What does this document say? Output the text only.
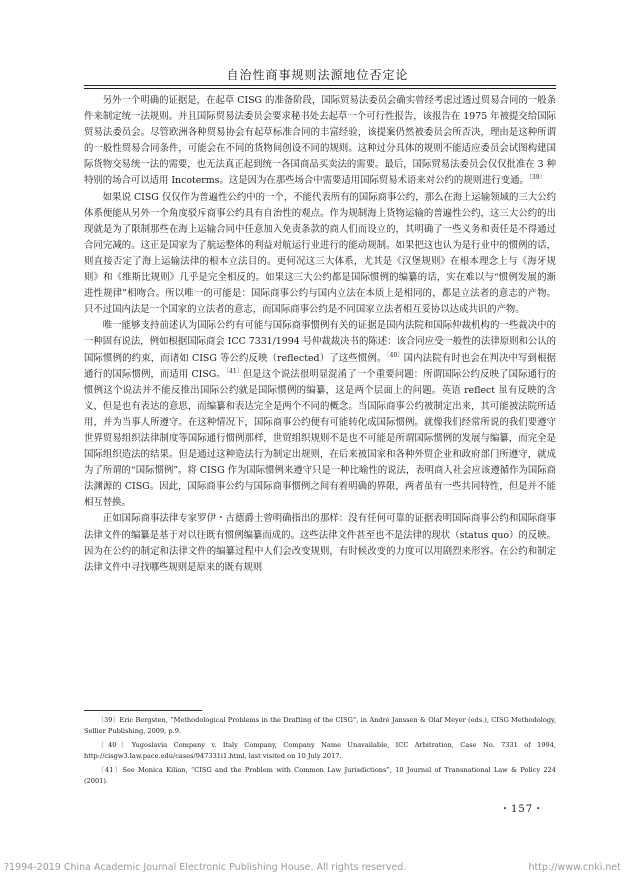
自治性商事规则法源地位否定论

另外一个明确的证据是，在起草 CISG 的准备阶段，国际贸易法委员会确实曾经考虑过透过贸易合同的一般条件来制定统一法规则。并且国际贸易法委员会要求秘书处去起草一个可行性报告，该报告在 1975 年被提交给国际贸易法委员会。尽管欧洲各种贸易协会有起草标准合同的丰富经验，该提案仍然被委员会所否决，理由是这种所谓的一般性贸易合同条件，可能会在不同的货物间创设不同的规则。这种过分具体的规则不能适应委员会试图构建国际货物交易统一法的需要，也无法真正起到统一各国商品买卖法的需要。最后，国际贸易法委员会仅仅批准在 3 种特别的场合可以适用 Incoterms。这是因为在那些场合中需要适用国际贸易术语来对公约的规则进行变通。$^{〔39〕}$

如果说 CISG 仅仅作为普遍性公约中的一个，不能代表所有的国际商事公约，那么在海上运输领域的三大公约体系便能从另外一个角度驳斥商事公约具有自治性的观点。作为规制海上货物运输的普遍性公约，这三大公约的出现就是为了限制那些在海上运输合同中任意加入免责条款的商人们而设立的，其明确了一些义务和责任是不得通过合同完减的。这正是国家为了航运整体的利益对航运行业进行的能动规制。如果把这也认为是行业中的惯例的话，则直接否定了海上运输法律的根本立法目的。更何况这三大体系，尤其是《汉堡规则》在根本理念上与《海牙规则》和《维斯比规则》几乎是完全相反的。如果这三大公约都是国际惯例的编纂的话，实在难以与“惯例发展的渐进性规律”相吻合。所以唯一的可能是：国际商事公约与国内立法在本质上是相同的，都是立法者的意志的产物。只不过国内法是一个国家的立法者的意志，而国际商事公约是不同国家立法者相互妥协以达成共识的产物。

唯一能够支持前述认为国际公约有可能与国际商事惯例有关的证据是国内法院和国际仲裁机构的一些裁决中的一种固有说法，例如根据国际商会 ICC 7331/1994 号仲裁裁决书的陈述：该合同应受一般性的法律原则和公认的国际惯例的约束，而诸如 CISG 等公约反映（reflected）了这些惯例。$^{〔40〕}$国内法院有时也会在判决中写到根据通行的国际惯例，而适用 CISG。$^{〔41〕}$但是这个说法很明显混淆了一个重要问题：所谓国际公约反映了国际通行的惯例这个说法并不能反推出国际公约就是国际惯例的编纂，这是两个层面上的问题。英语 reflect 虽有反映的含义，但是也有表达的意思，而编纂和表达完全是两个不同的概念。当国际商事公约被制定出来，其可能被法院所适用，并为当事人所遵守。在这种情况下，国际商事公约便有可能转化成国际惯例。就像我们经常所说的我们要遵守世界贸易组织法律制度等国际通行惯例那样，世贸组织规则不是也不可能是所谓国际惯例的发展与编纂，而完全是国际组织造法的结果。但是通过这种造法行为制定出规则，在后来被国家和各种外贸企业和政府部门所遵守，就成为了所谓的“国际惯例”。将 CISG 作为国际惯例来遵守只是一种比喻性的说法，表明商人社会应该遵循作为国际商法渊源的 CISG。因此，国际商事公约与国际商事惯例之间有着明确的界限，两者虽有一些共同特性，但是并不能相互替换。

正如国际商事法律专家罗伊・古德爵士曾明确指出的那样：没有任何可靠的证据表明国际商事公约和国际商事法律文件的编纂是基于对以往既有惯例编纂而成的。这些法律文件甚至也不是法律的现状（status quo）的反映。因为在公约的制定和法律文件的编纂过程中人们会改变规则，有时候改变的力度可以用剧烈来形容。在公约和制定法律文件中寻找哪些规则是原来的既有规则

〔39〕Eric Bergsten, “Methodological Problems in the Drafting of the CISG”, in André Janssen & Olaf Meyer (eds.), CISG Methodology, Sellier Publishing, 2009, p.9.

〔40〕Yugoslavia Company v. Italy Company, Company Name Unavailable, ICC Arbitration, Case No. 7331 of 1994, http://cisgw3.law.pace.edu/cases/947331i1.html, last visited on 10 July 2017.

〔41〕See Monica Kilian, “CISG and the Problem with Common Law Jurisdictions”, 10 Journal of Transnational Law & Policy 224 (2001).

・157・
?1994-2019 China Academic Journal Electronic Publishing House. All rights reserved.	http://www.cnki.net
